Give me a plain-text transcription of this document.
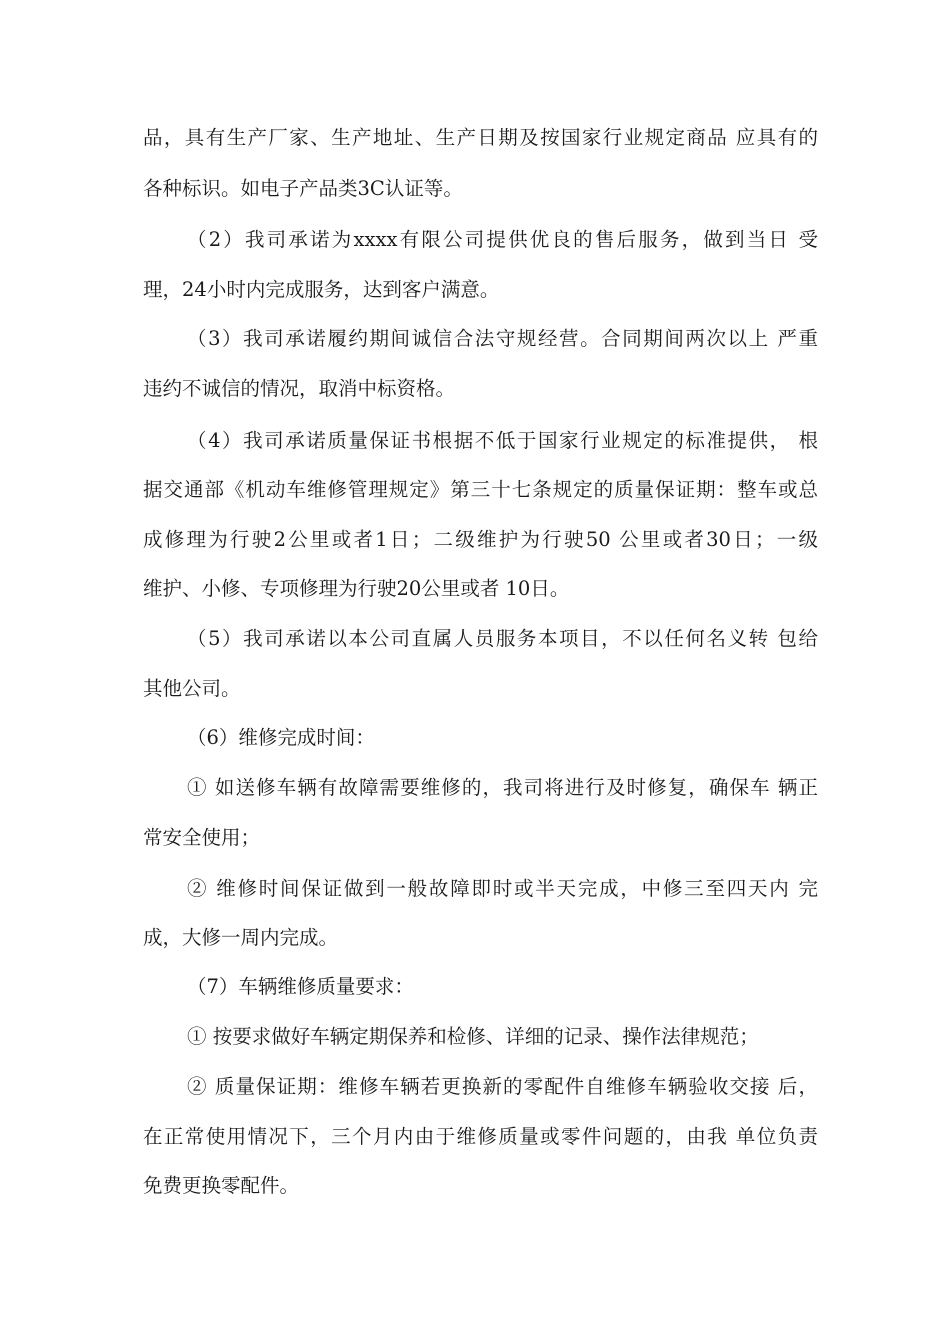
品，具有生产厂家、生产地址、生产日期及按国家行业规定商品 应具有的
各种标识。如电子产品类3C认证等。
（2）我司承诺为xxxx有限公司提供优良的售后服务，做到当日 受
理，24小时内完成服务，达到客户满意。
（3）我司承诺履约期间诚信合法守规经营。合同期间两次以上 严重
违约不诚信的情况，取消中标资格。
（4）我司承诺质量保证书根据不低于国家行业规定的标准提供， 根
据交通部《机动车维修管理规定》第三十七条规定的质量保证期：整车或总
成修理为行驶2公里或者1日；二级维护为行驶50 公里或者30日；一级
维护、小修、专项修理为行驶20公里或者 10日。
（5）我司承诺以本公司直属人员服务本项目，不以任何名义转 包给
其他公司。
（6）维修完成时间：
① 如送修车辆有故障需要维修的，我司将进行及时修复，确保车 辆正
常安全使用；
② 维修时间保证做到一般故障即时或半天完成，中修三至四天内 完
成，大修一周内完成。
（7）车辆维修质量要求：
① 按要求做好车辆定期保养和检修、详细的记录、操作法律规范；
② 质量保证期：维修车辆若更换新的零配件自维修车辆验收交接 后，
在正常使用情况下，三个月内由于维修质量或零件问题的，由我 单位负责
免费更换零配件。
